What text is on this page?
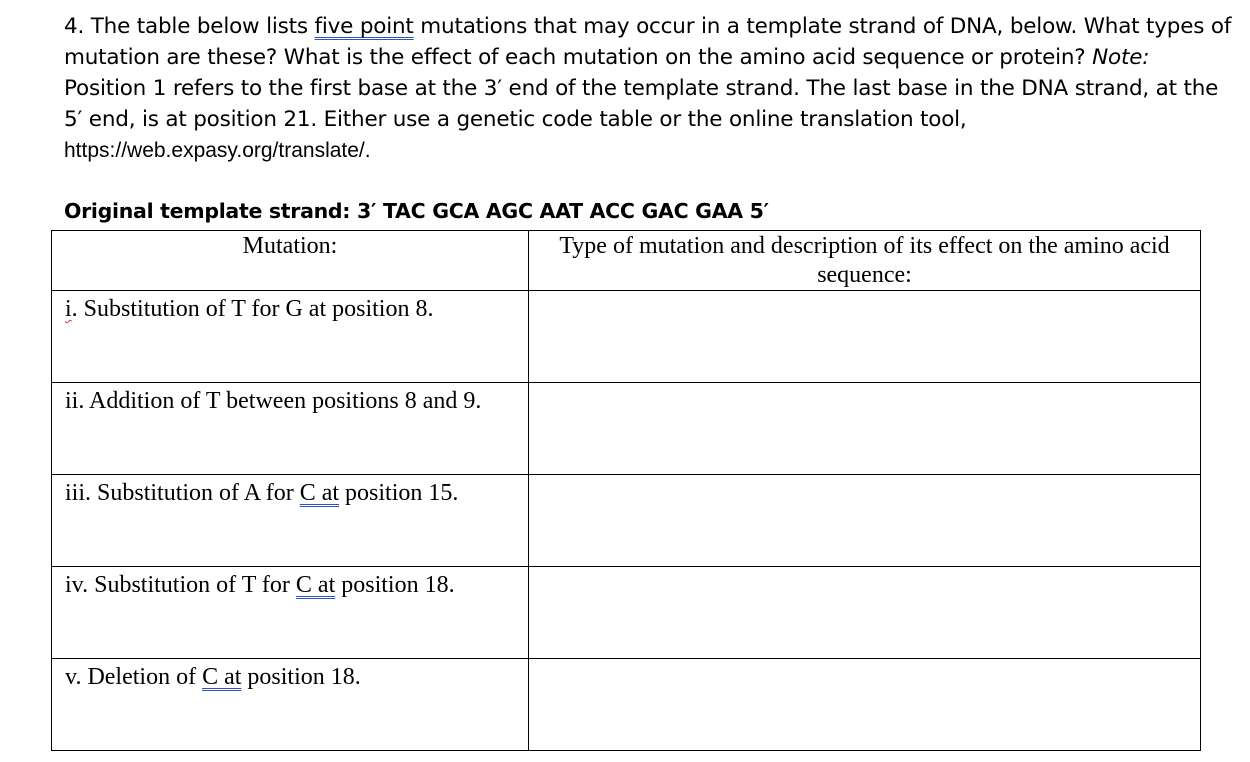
4. The table below lists five point mutations that may occur in a template strand of DNA, below. What types of
mutation are these? What is the effect of each mutation on the amino acid sequence or protein? Note:
Position 1 refers to the first base at the 3′ end of the template strand. The last base in the DNA strand, at the
5′ end, is at position 21. Either use a genetic code table or the online translation tool,
https://web.expasy.org/translate/.
Original template strand: 3′ TAC GCA AGC AAT ACC GAC GAA 5′
Mutation:	Type of mutation and description of its effect on the amino acid sequence:
i. Substitution of T for G at position 8.	
ii. Addition of T between positions 8 and 9.	
iii. Substitution of A for C at position 15.	
iv. Substitution of T for C at position 18.	
v. Deletion of C at position 18.	
